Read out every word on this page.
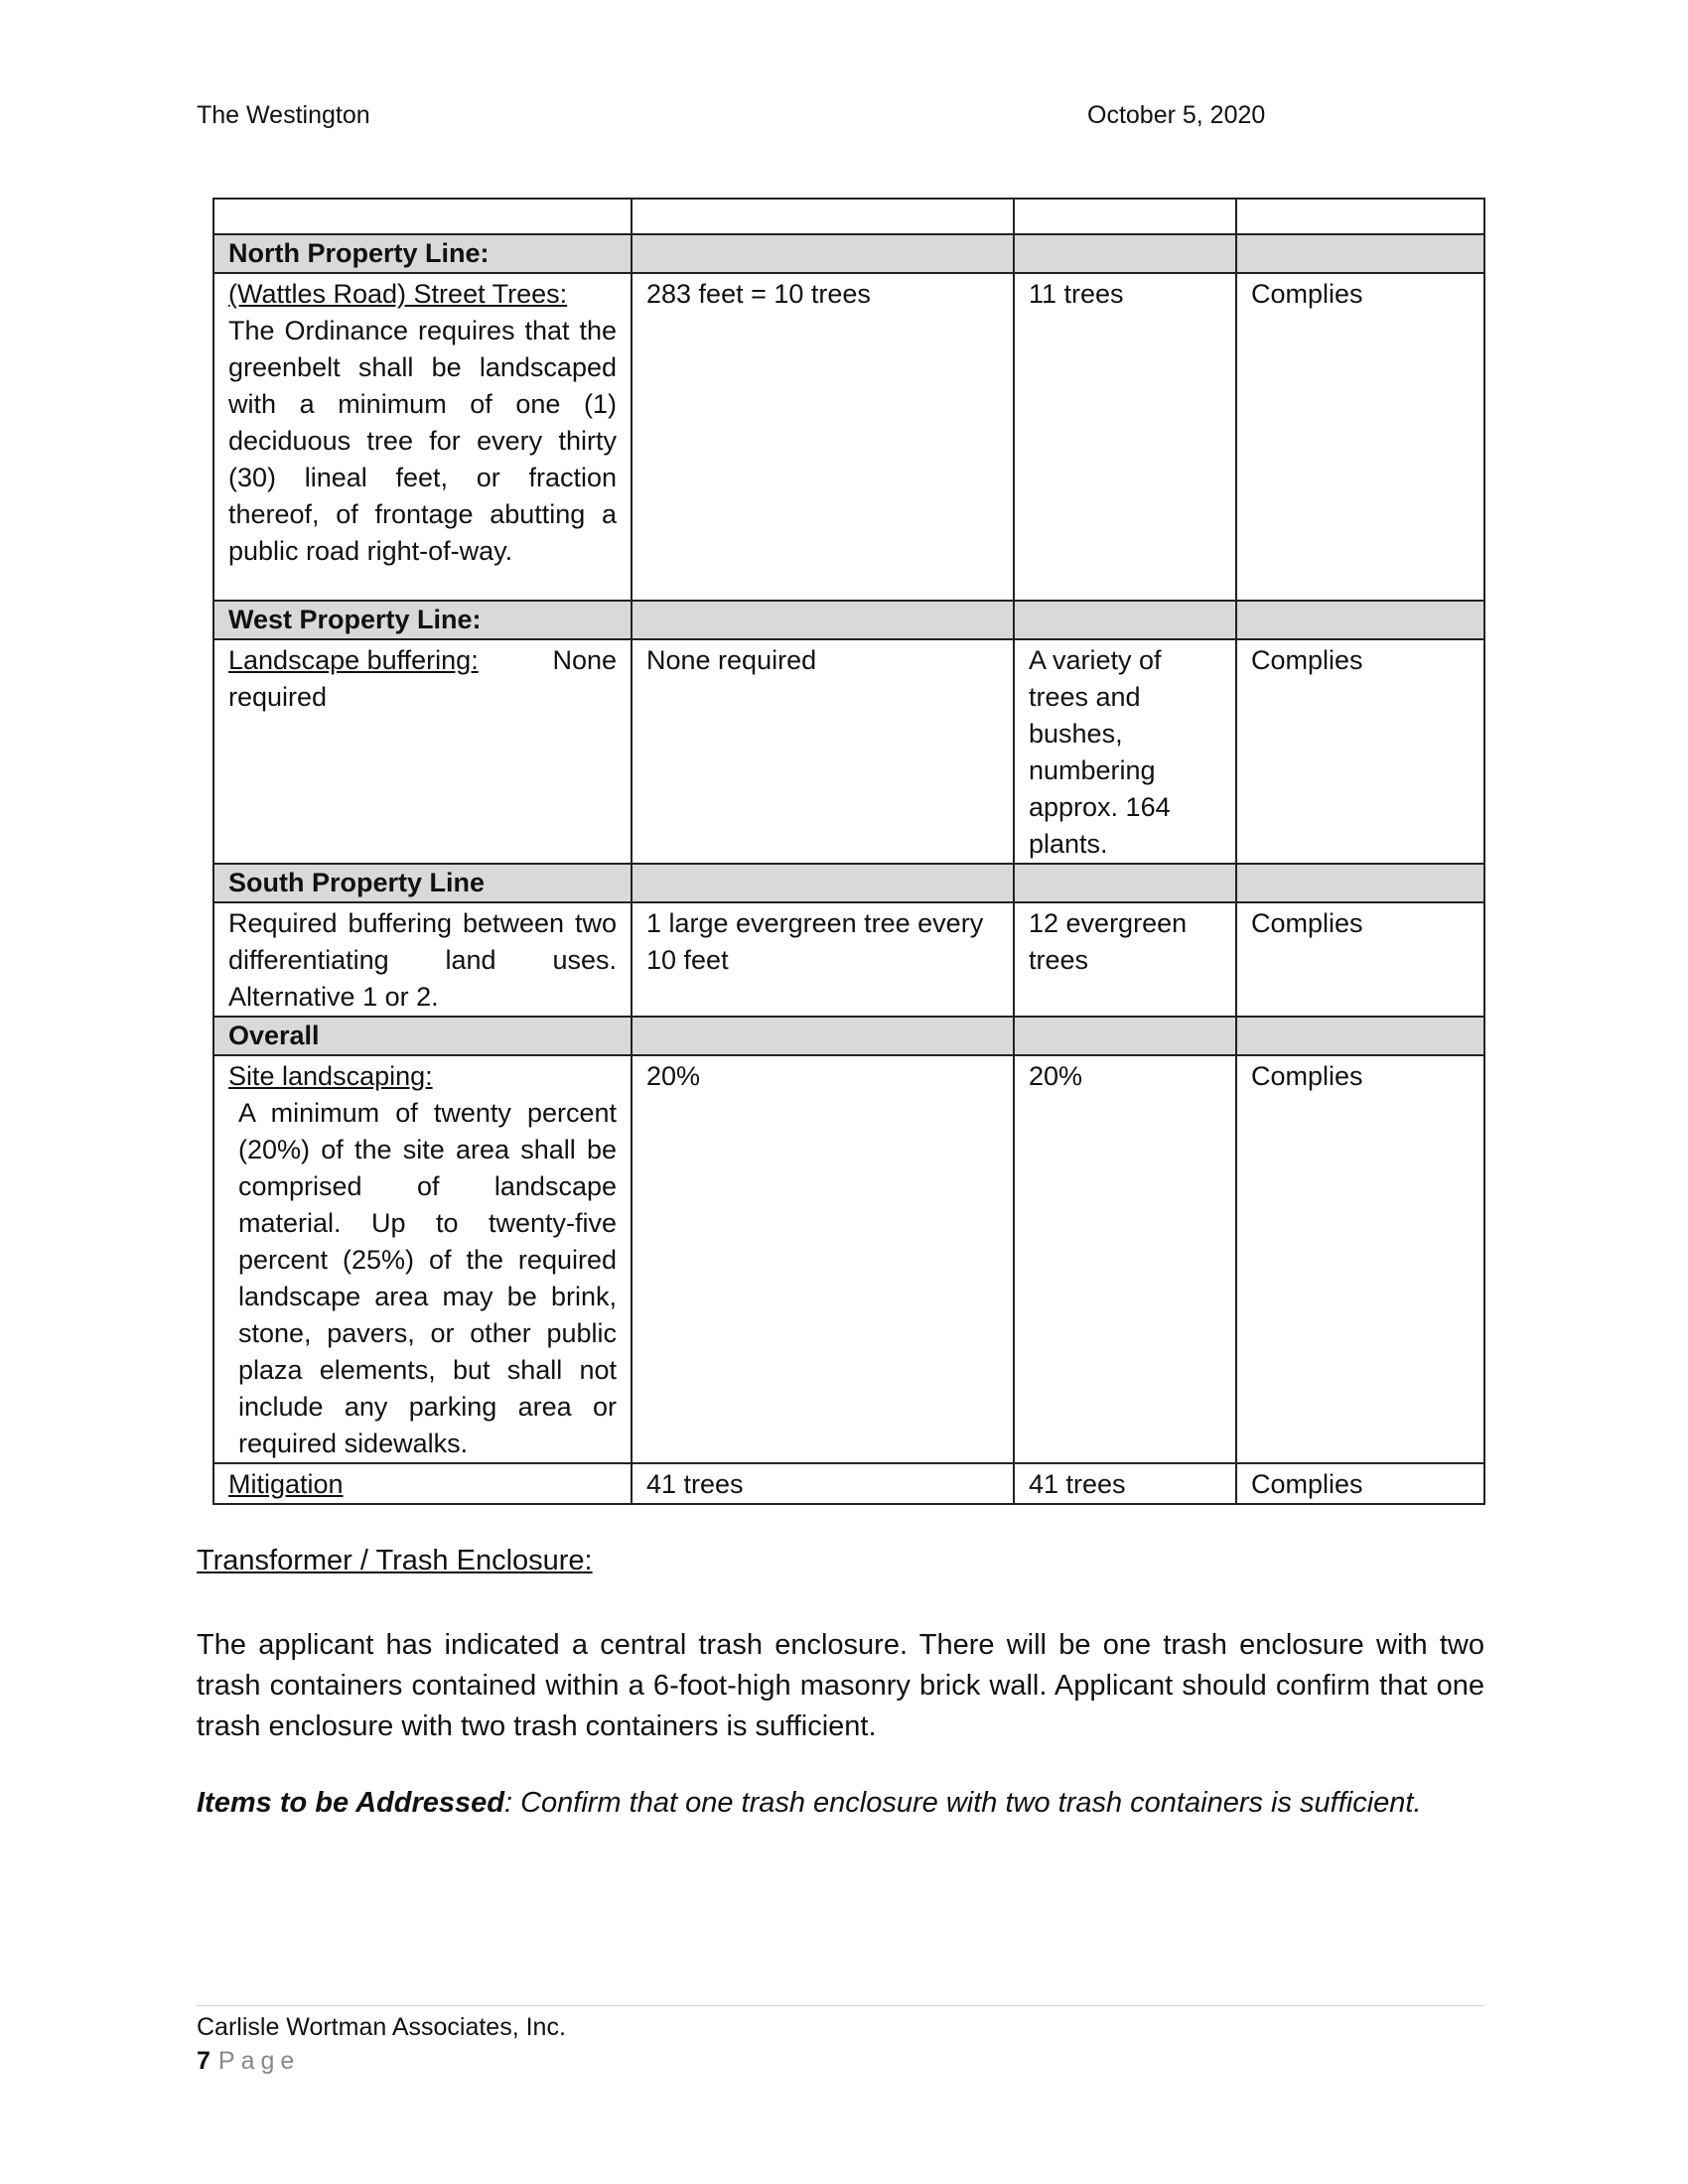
The Westington	October 5, 2020

North Property Line:			
(Wattles Road) Street Trees:
The Ordinance requires that the greenbelt shall be landscaped with a minimum of one (1) deciduous tree for every thirty (30) lineal feet, or fraction thereof, of frontage abutting a public road right-of-way.	283 feet = 10 trees	11 trees	Complies
West Property Line:			

Landscape buffering: None
required	None required	A variety of trees and bushes, numbering approx. 164 plants.	Complies
South Property Line			
Required buffering between two differentiating land uses. Alternative 1 or 2.	1 large evergreen tree every 10 feet	12 evergreen trees	Complies
Overall			
Site landscaping:
A minimum of twenty percent (20%) of the site area shall be comprised of landscape material. Up to twenty-five percent (25%) of the required landscape area may be brink, stone, pavers, or other public plaza elements, but shall not include any parking area or required sidewalks.	20%	20%	Complies
Mitigation	41 trees	41 trees	Complies
Transformer / Trash Enclosure:
The applicant has indicated a central trash enclosure. There will be one trash enclosure with two trash containers contained within a 6-foot-high masonry brick wall. Applicant should confirm that one trash enclosure with two trash containers is sufficient.
Items to be Addressed: Confirm that one trash enclosure with two trash containers is sufficient.
Carlisle Wortman Associates, Inc.
7 Page
